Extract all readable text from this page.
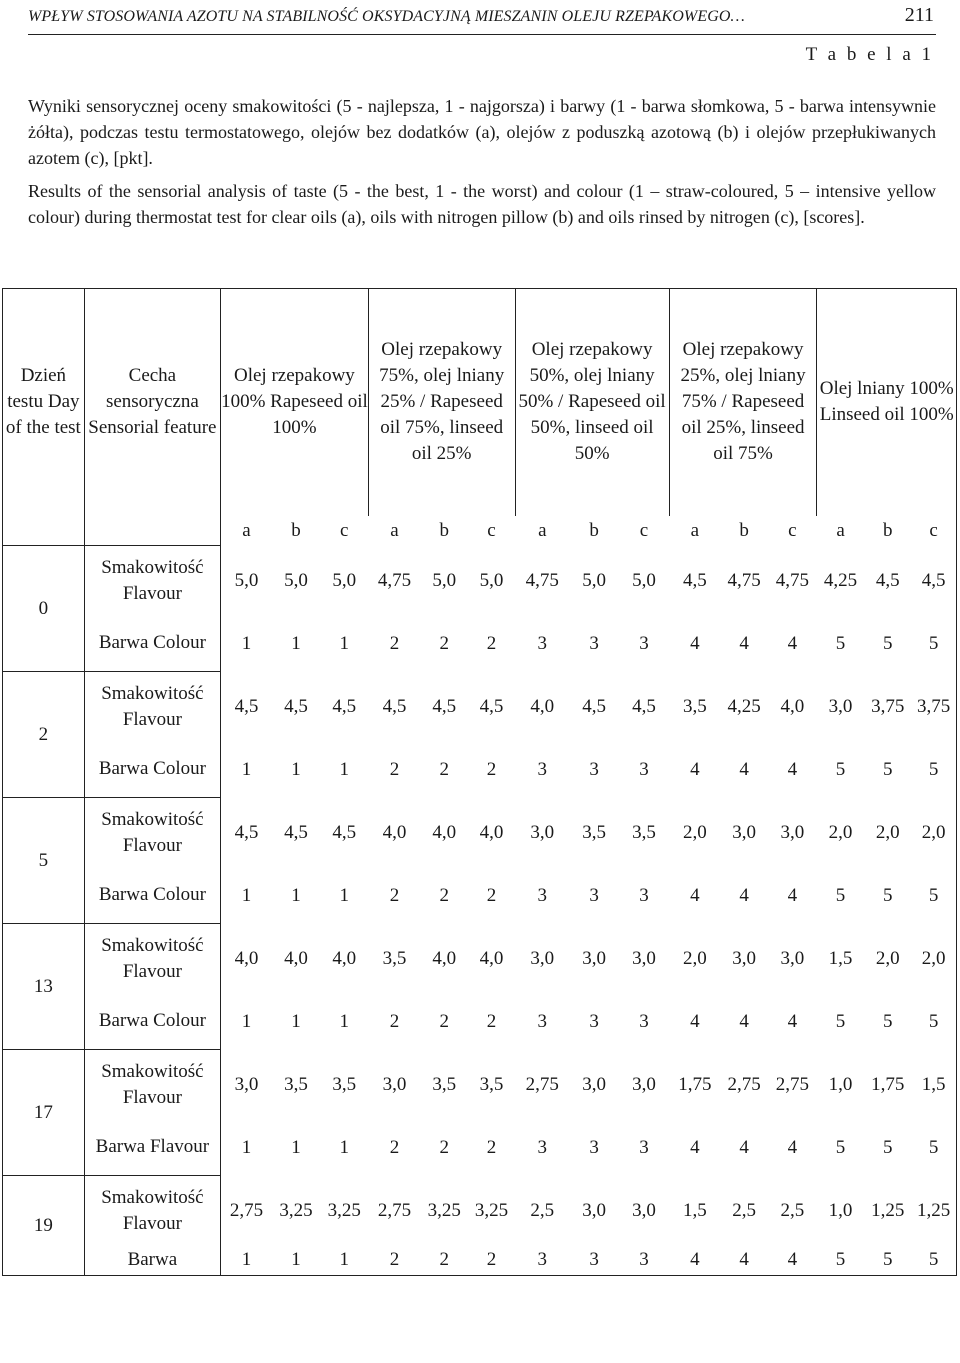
WPŁYW STOSOWANIA AZOTU NA STABILNOŚĆ OKSYDACYJNĄ MIESZANIN OLEJU RZEPAKOWEGO…	211
T a b e l a 1
Wyniki sensorycznej oceny smakowitości (5 - najlepsza, 1 - najgorsza) i barwy (1 - barwa słomkowa, 5 - barwa intensywnie żółta), podczas testu termostatowego, olejów bez dodatków (a), olejów z poduszką azotową (b) i olejów przepłukiwanych azotem (c), [pkt].
Results of the sensorial analysis of taste (5 - the best, 1 - the worst) and colour (1 – straw-coloured, 5 – intensive yellow colour) during thermostat test for clear oils (a), oils with nitrogen pillow (b) and oils rinsed by nitrogen (c), [scores].
Dzień testu Day of the test	Cecha sensoryczna Sensorial feature	Olej rzepakowy 100% Rapeseed oil 100%			Olej rzepakowy 75%, olej lniany 25% / Rapeseed oil 75%, linseed oil 25%			Olej rzepakowy 50%, olej lniany 50% / Rapeseed oil 50%, linseed oil 50%			Olej rzepakowy 25%, olej lniany 75% / Rapeseed oil 25%, linseed oil 75%			Olej lniany 100% Linseed oil 100%		
		a	b	c	a	b	c	a	b	c	a	b	c	a	b	c
0	Smakowitość Flavour	5,0	5,0	5,0	4,75	5,0	5,0	4,75	5,0	5,0	4,5	4,75	4,75	4,25	4,5	4,5
	Barwa Colour	1	1	1	2	2	2	3	3	3	4	4	4	5	5	5
2	Smakowitość Flavour	4,5	4,5	4,5	4,5	4,5	4,5	4,0	4,5	4,5	3,5	4,25	4,0	3,0	3,75	3,75
	Barwa Colour	1	1	1	2	2	2	3	3	3	4	4	4	5	5	5
5	Smakowitość Flavour	4,5	4,5	4,5	4,0	4,0	4,0	3,0	3,5	3,5	2,0	3,0	3,0	2,0	2,0	2,0
	Barwa Colour	1	1	1	2	2	2	3	3	3	4	4	4	5	5	5
13	Smakowitość Flavour	4,0	4,0	4,0	3,5	4,0	4,0	3,0	3,0	3,0	2,0	3,0	3,0	1,5	2,0	2,0
	Barwa Colour	1	1	1	2	2	2	3	3	3	4	4	4	5	5	5
17	Smakowitość Flavour	3,0	3,5	3,5	3,0	3,5	3,5	2,75	3,0	3,0	1,75	2,75	2,75	1,0	1,75	1,5
	Barwa Flavour	1	1	1	2	2	2	3	3	3	4	4	4	5	5	5
19	Smakowitość Flavour	2,75	3,25	3,25	2,75	3,25	3,25	2,5	3,0	3,0	1,5	2,5	2,5	1,0	1,25	1,25
	Barwa	1	1	1	2	2	2	3	3	3	4	4	4	5	5	5
